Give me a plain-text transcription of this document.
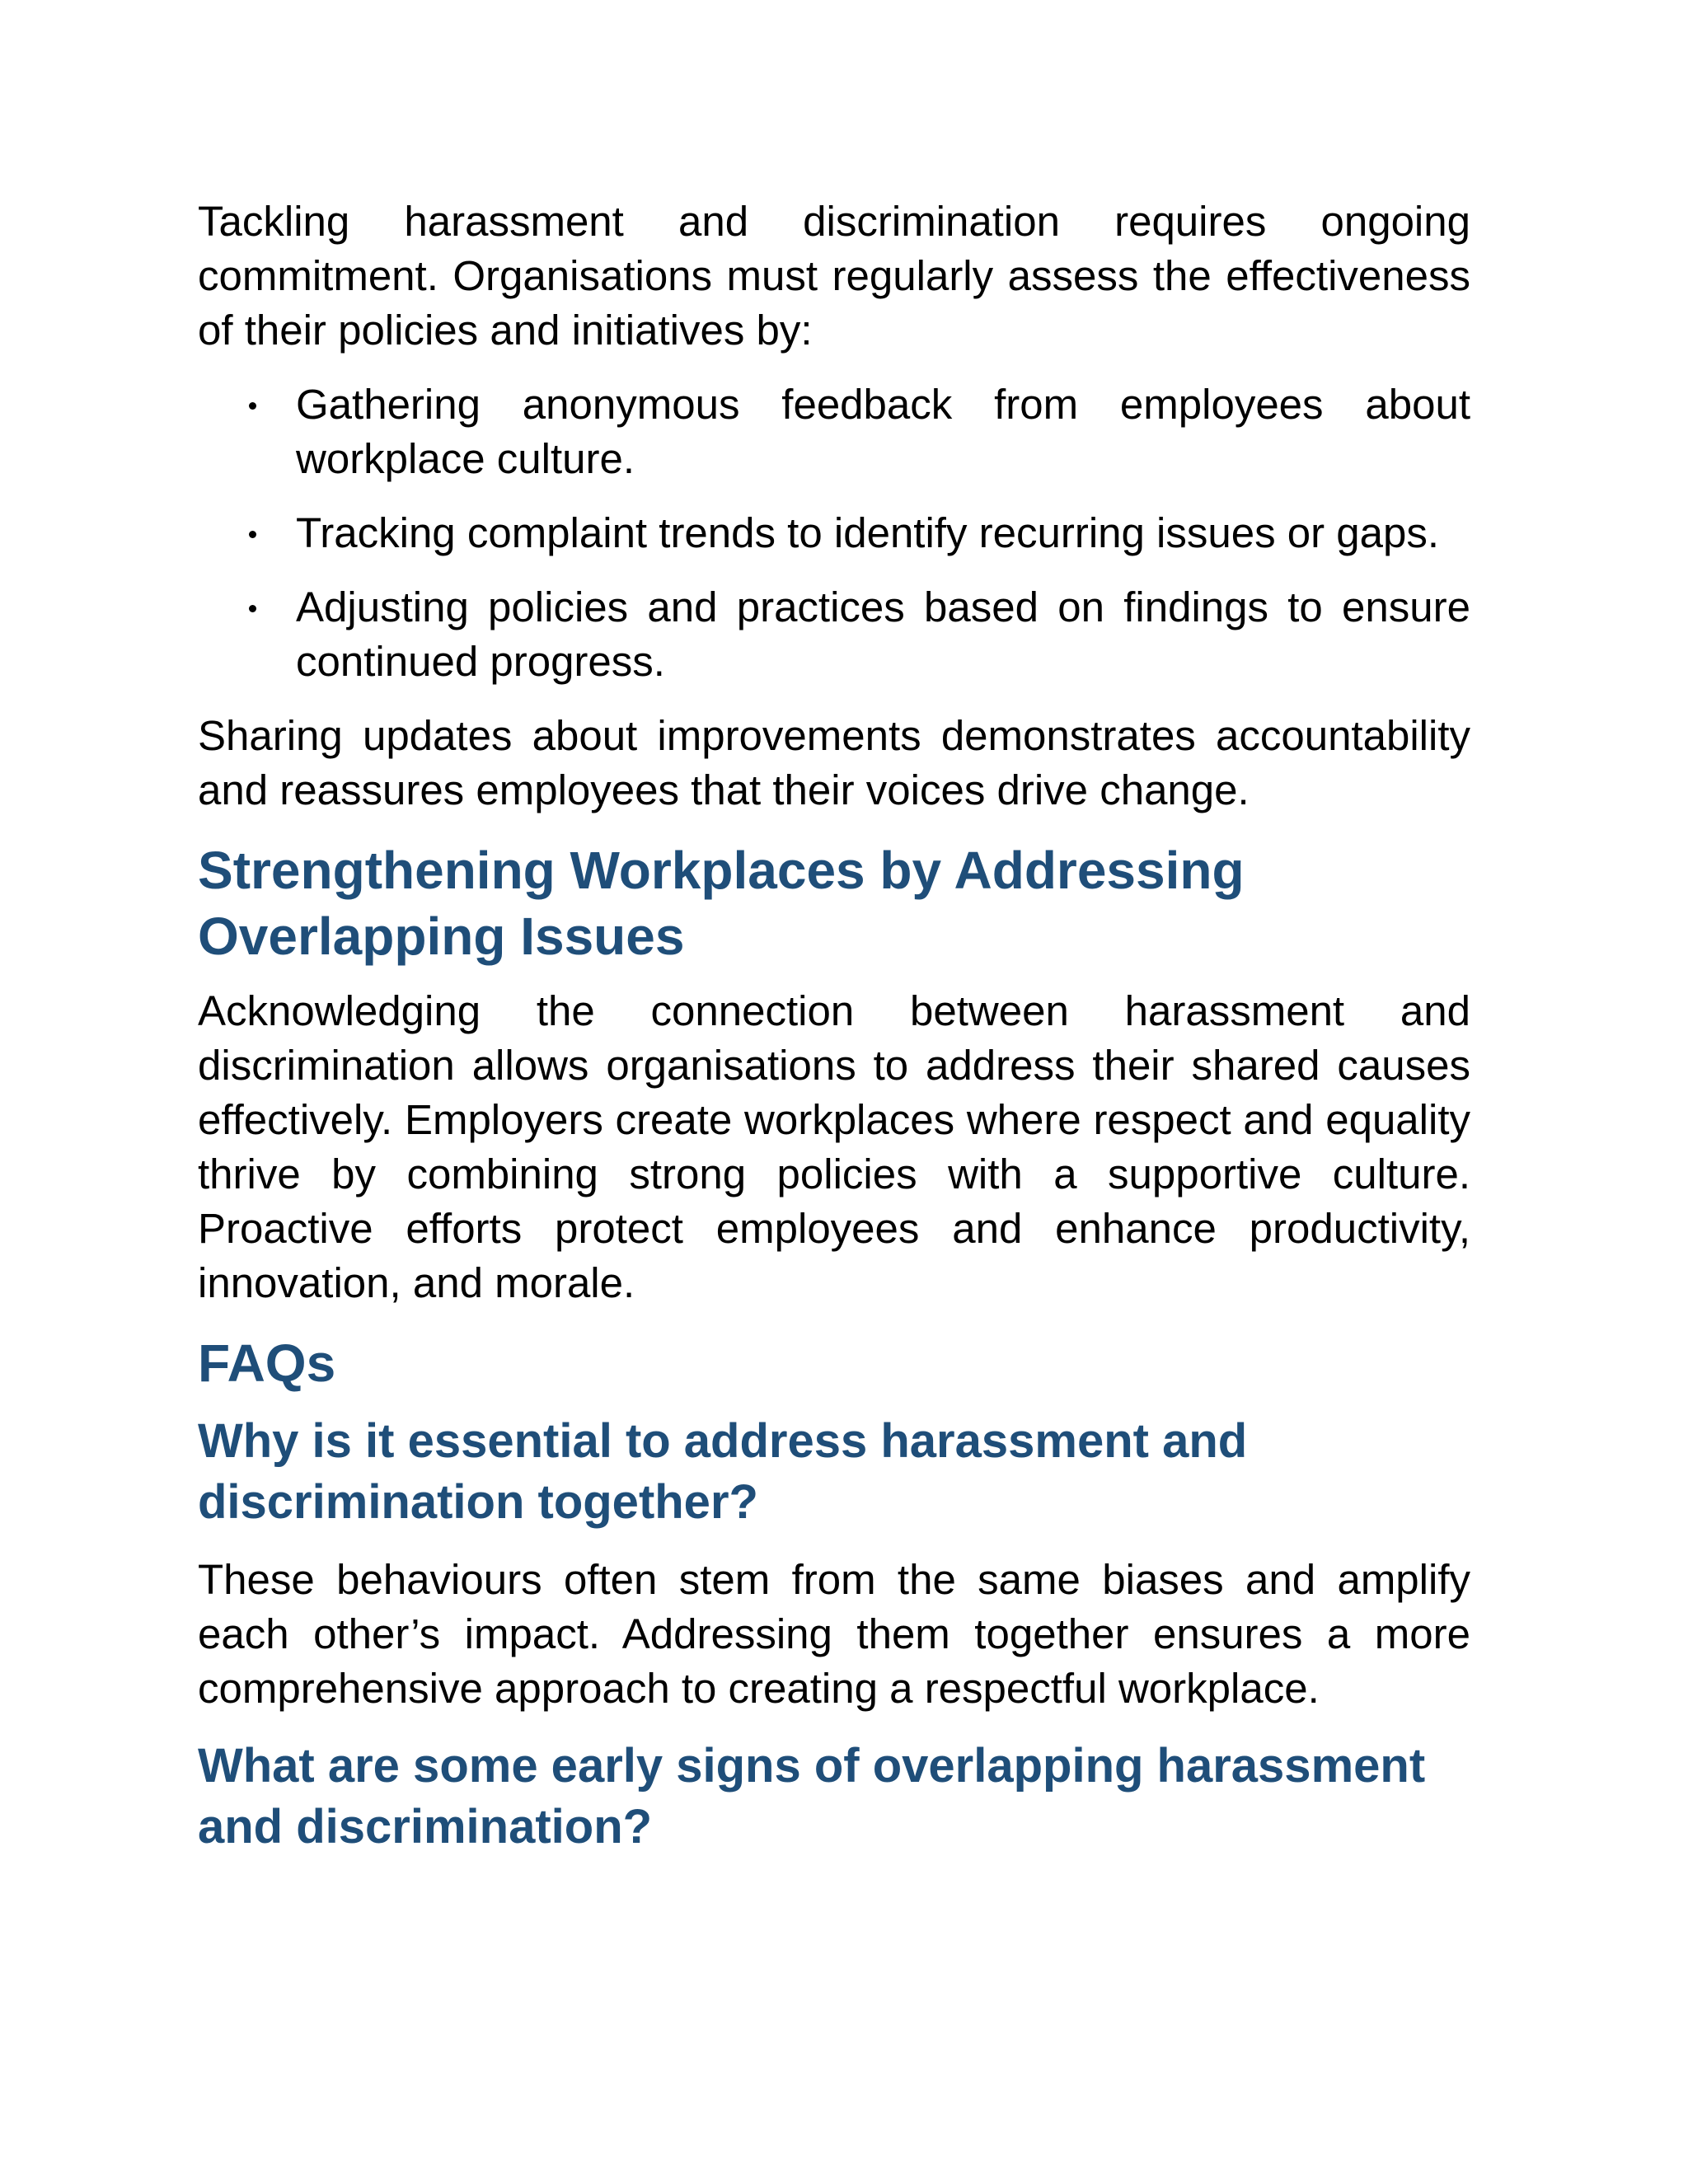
Tackling harassment and discrimination requires ongoing commitment. Organisations must regularly assess the effectiveness of their policies and initiatives by:

Gathering anonymous feedback from employees about workplace culture.
Tracking complaint trends to identify recurring issues or gaps.
Adjusting policies and practices based on findings to ensure continued progress.

Sharing updates about improvements demonstrates accountability and reassures employees that their voices drive change.

Strengthening Workplaces by Addressing Overlapping Issues

Acknowledging the connection between harassment and discrimination allows organisations to address their shared causes effectively. Employers create workplaces where respect and equality thrive by combining strong policies with a supportive culture. Proactive efforts protect employees and enhance productivity, innovation, and morale.

FAQs
Why is it essential to address harassment and discrimination together?

These behaviours often stem from the same biases and amplify each other’s impact. Addressing them together ensures a more comprehensive approach to creating a respectful workplace.

What are some early signs of overlapping harassment and discrimination?
